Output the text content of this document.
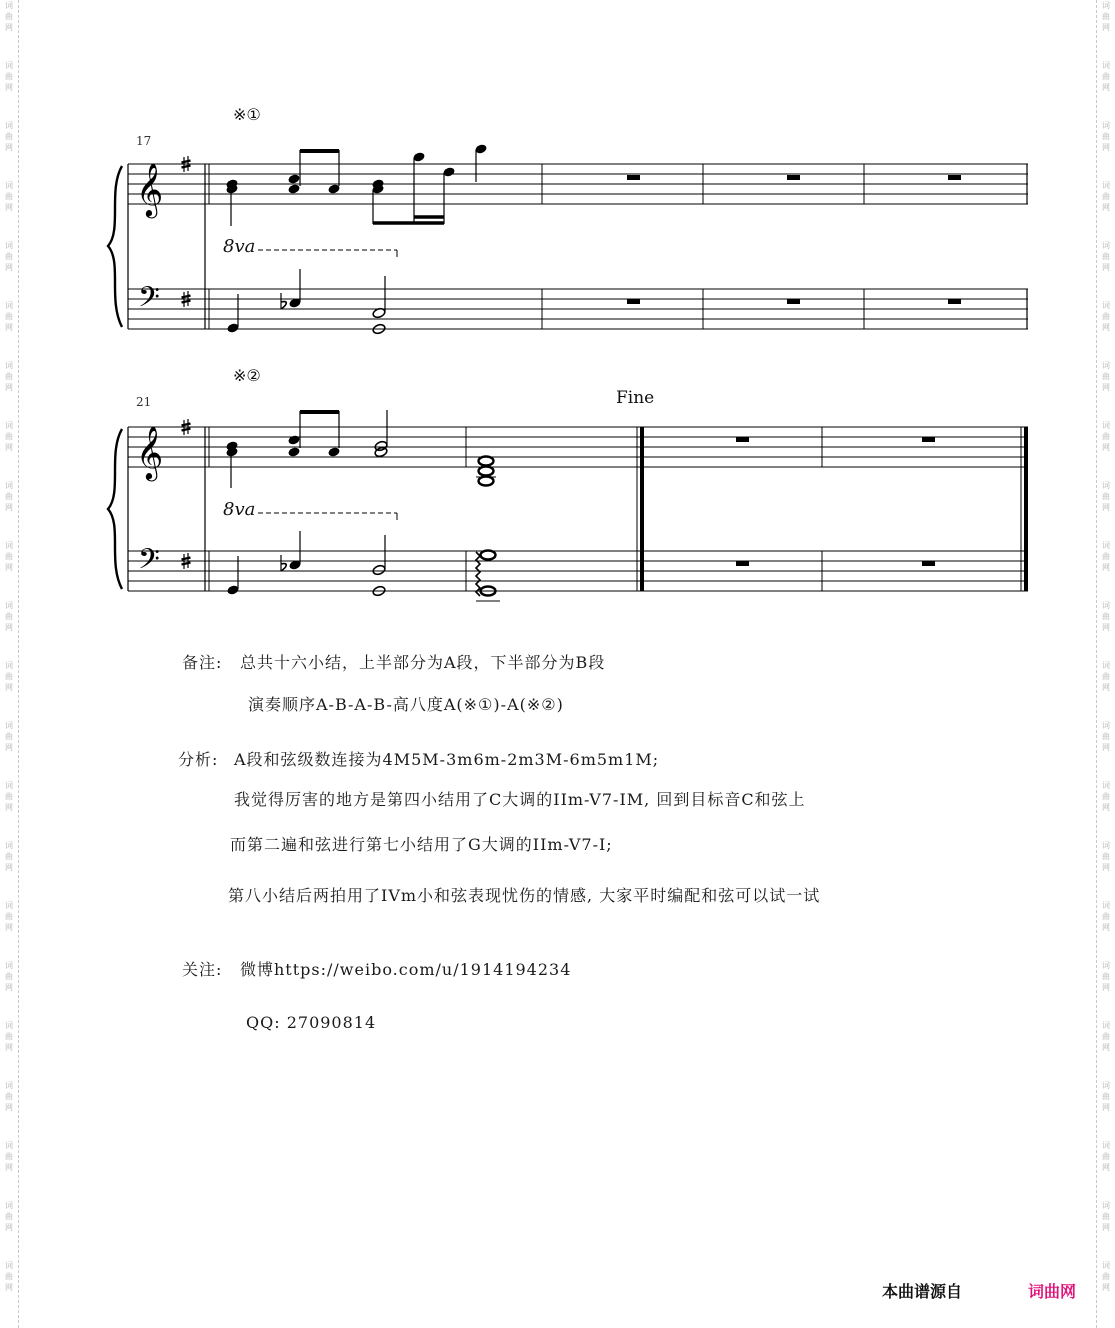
词
曲
网
词
曲
网
词
曲
网
词
曲
网
词
曲
网
词
曲
网
词
曲
网
词
曲
网
词
曲
网
词
曲
网
词
曲
网
词
曲
网
词
曲
网
词
曲
网
词
曲
网
词
曲
网
词
曲
网
词
曲
网
词
曲
网
词
曲
网
词
曲
网
词
曲
网
词
曲
网
词
曲
网
词
曲
网
词
曲
网
词
曲
网
词
曲
网
词
曲
网
词
曲
网
词
曲
网
词
曲
网
词
曲
网
词
曲
网
词
曲
网
词
曲
网
词
曲
网
词
曲
网
词
曲
网
词
曲
网
词
曲
网
词
曲
网
词
曲
网
词
曲
网
𝄞
𝄢
𝄞
𝄢
※①
17
8va
※②
21
8va
Fine
备注: 总共十六小结，上半部分为A段，下半部分为B段
演奏顺序A-B-A-B-高八度A(※①)-A(※②)
分析: A段和弦级数连接为4M5M-3m6m-2m3M-6m5m1M;
我觉得厉害的地方是第四小结用了C大调的IIm-V7-IM, 回到目标音C和弦上
而第二遍和弦进行第七小结用了G大调的IIm-V7-I;
第八小结后两拍用了IVm小和弦表现忧伤的情感, 大家平时编配和弦可以试一试
关注: 微博https://weibo.com/u/1914194234
QQ: 27090814
本曲谱源自	词曲网
